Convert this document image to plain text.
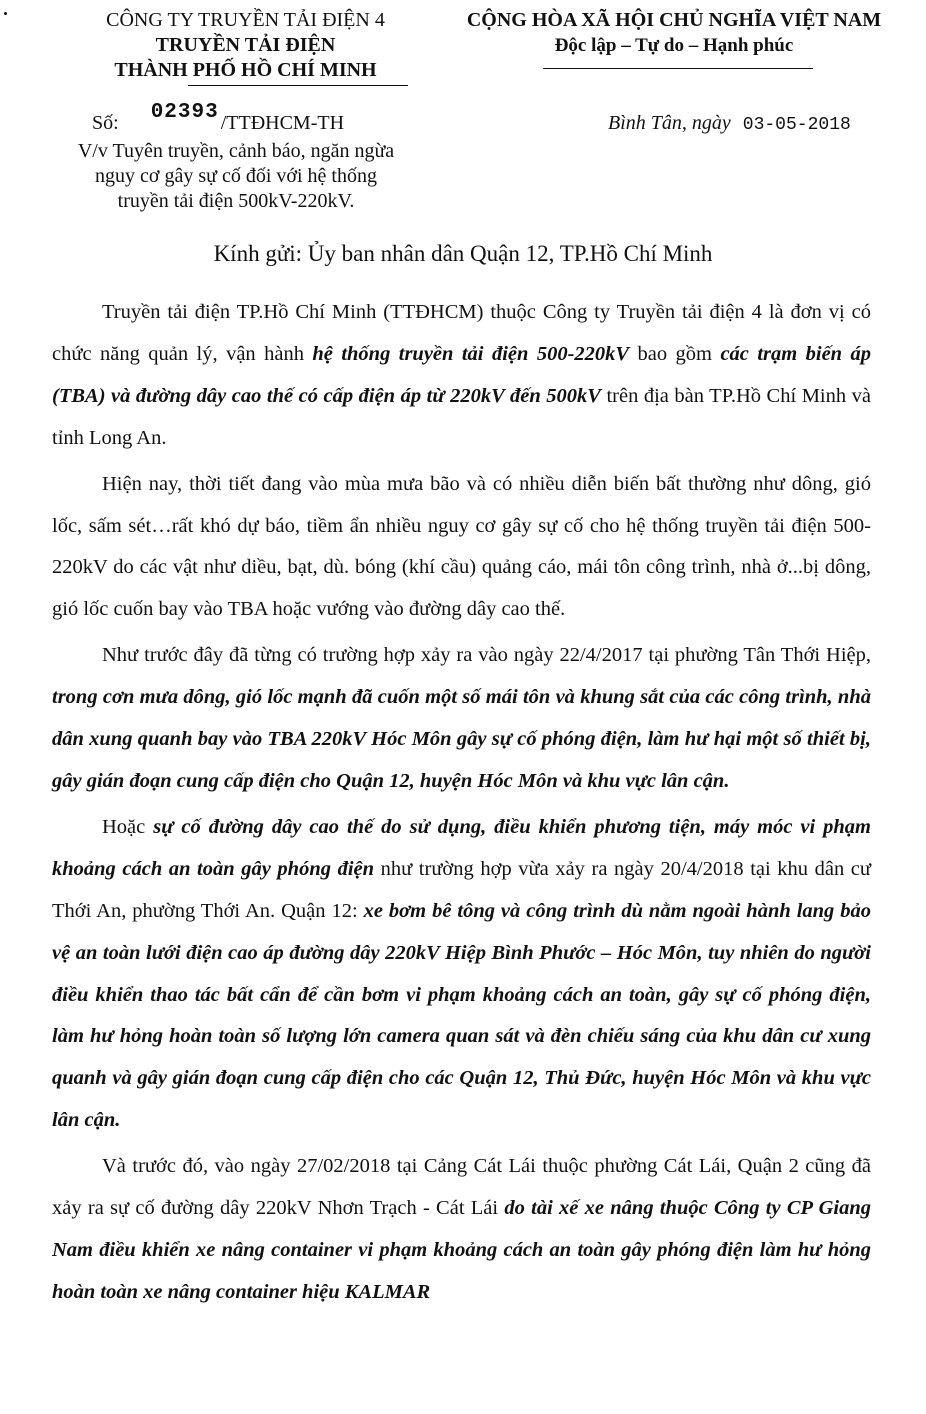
CÔNG TY TRUYỀN TẢI ĐIỆN 4
TRUYỀN TẢI ĐIỆN
THÀNH PHỐ HỒ CHÍ MINH
CỘNG HÒA XÃ HỘI CHỦ NGHĨA VIỆT NAM
Độc lập – Tự do – Hạnh phúc
Số: 02393 /TTĐHCM-TH	Bình Tân, ngày 03-05-2018
V/v Tuyên truyền, cảnh báo, ngăn ngừa
nguy cơ gây sự cố đối với hệ thống
truyền tải điện 500kV-220kV.
Kính gửi: Ủy ban nhân dân Quận 12, TP.Hồ Chí Minh

Truyền tải điện TP.Hồ Chí Minh (TTĐHCM) thuộc Công ty Truyền tải điện 4 là đơn vị có chức năng quản lý, vận hành hệ thống truyền tải điện 500-220kV bao gồm các trạm biến áp (TBA) và đường dây cao thế có cấp điện áp từ 220kV đến 500kV trên địa bàn TP.Hồ Chí Minh và tỉnh Long An.

Hiện nay, thời tiết đang vào mùa mưa bão và có nhiều diễn biến bất thường như dông, gió lốc, sấm sét…rất khó dự báo, tiềm ẩn nhiều nguy cơ gây sự cố cho hệ thống truyền tải điện 500-220kV do các vật như diều, bạt, dù. bóng (khí cầu) quảng cáo, mái tôn công trình, nhà ở...bị dông, gió lốc cuốn bay vào TBA hoặc vướng vào đường dây cao thế.

Như trước đây đã từng có trường hợp xảy ra vào ngày 22/4/2017 tại phường Tân Thới Hiệp, trong cơn mưa dông, gió lốc mạnh đã cuốn một số mái tôn và khung sắt của các công trình, nhà dân xung quanh bay vào TBA 220kV Hóc Môn gây sự cố phóng điện, làm hư hại một số thiết bị, gây gián đoạn cung cấp điện cho Quận 12, huyện Hóc Môn và khu vực lân cận.

Hoặc sự cố đường dây cao thế do sử dụng, điều khiển phương tiện, máy móc vi phạm khoảng cách an toàn gây phóng điện như trường hợp vừa xảy ra ngày 20/4/2018 tại khu dân cư Thới An, phường Thới An. Quận 12: xe bơm bê tông và công trình dù nằm ngoài hành lang bảo vệ an toàn lưới điện cao áp đường dây 220kV Hiệp Bình Phước – Hóc Môn, tuy nhiên do người điều khiển thao tác bất cẩn để cần bơm vi phạm khoảng cách an toàn, gây sự cố phóng điện, làm hư hỏng hoàn toàn số lượng lớn camera quan sát và đèn chiếu sáng của khu dân cư xung quanh và gây gián đoạn cung cấp điện cho các Quận 12, Thủ Đức, huyện Hóc Môn và khu vực lân cận.

Và trước đó, vào ngày 27/02/2018 tại Cảng Cát Lái thuộc phường Cát Lái, Quận 2 cũng đã xảy ra sự cố đường dây 220kV Nhơn Trạch - Cát Lái do tài xế xe nâng thuộc Công ty CP Giang Nam điều khiển xe nâng container vi phạm khoảng cách an toàn gây phóng điện làm hư hỏng hoàn toàn xe nâng container hiệu KALMAR
